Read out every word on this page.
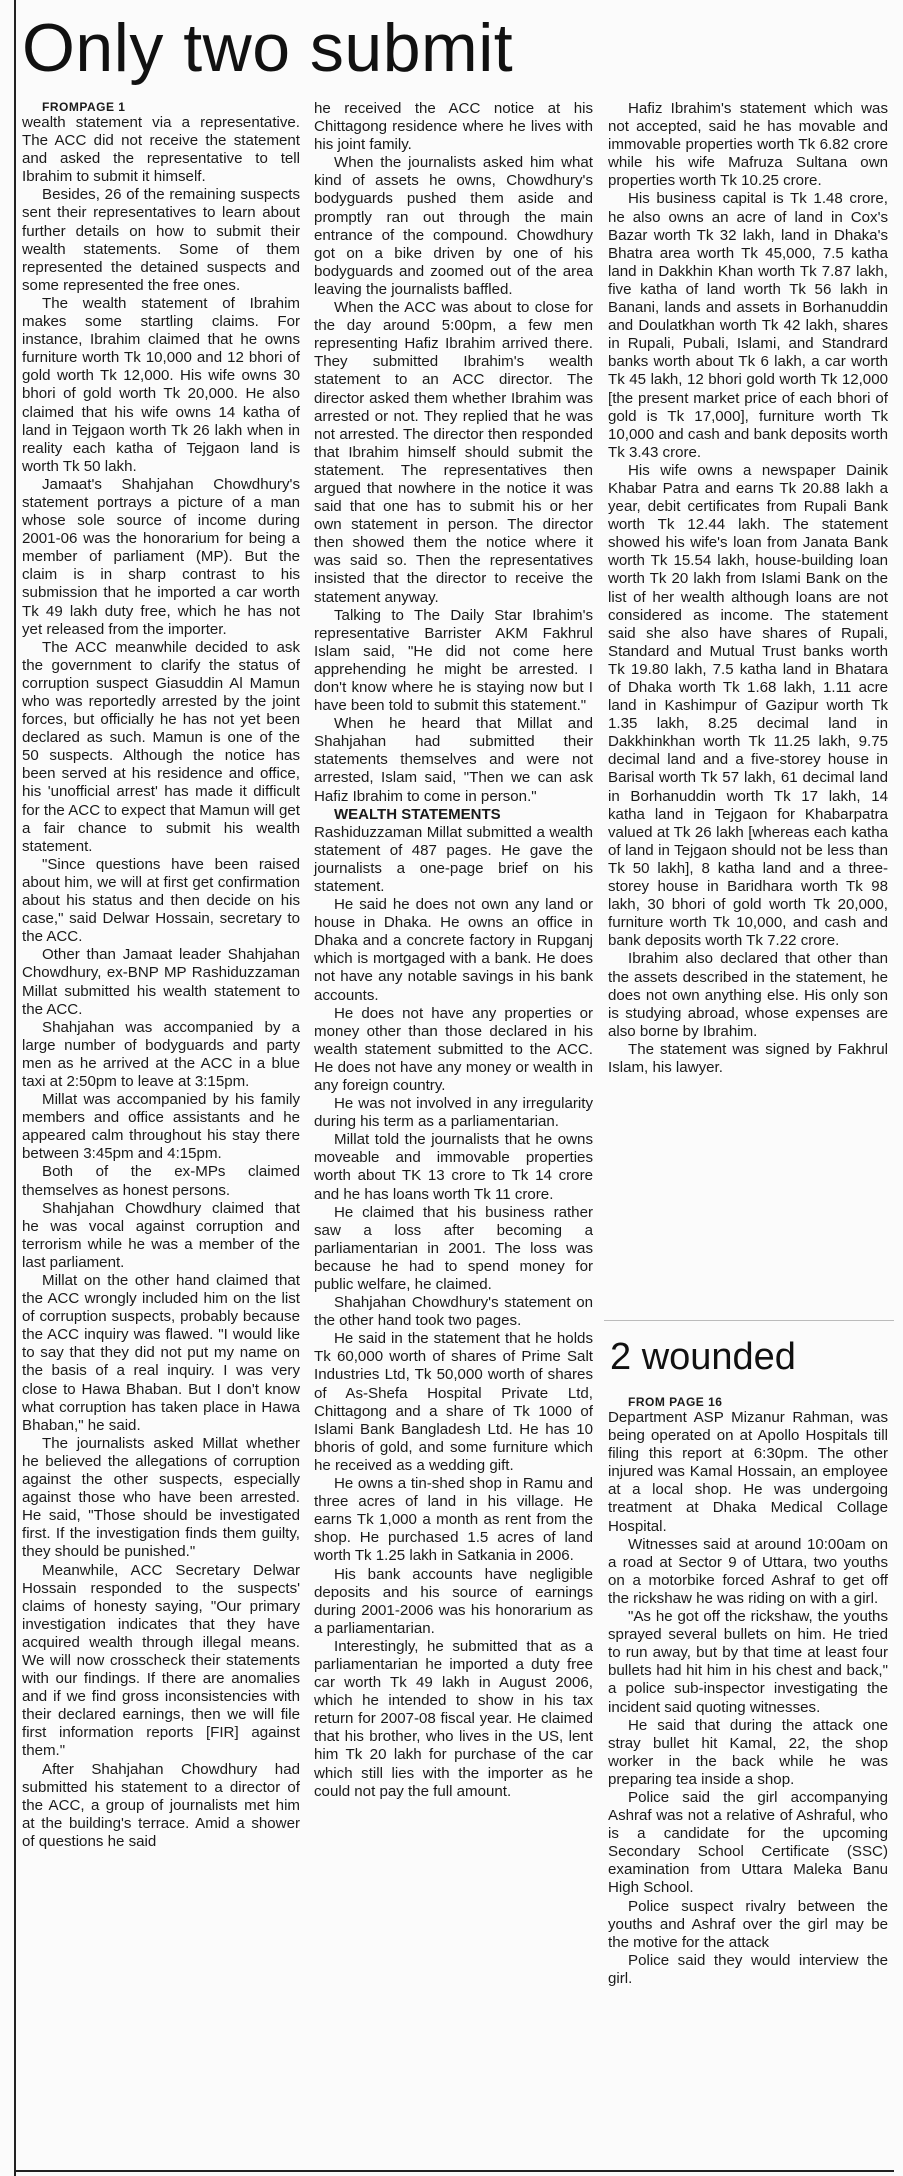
Only two submit

FROMPAGE 1

wealth statement via a representative. The ACC did not receive the statement and asked the representative to tell Ibrahim to submit it himself.

Besides, 26 of the remaining suspects sent their representatives to learn about further details on how to submit their wealth statements. Some of them represented the detained suspects and some represented the free ones.

The wealth statement of Ibrahim makes some startling claims. For instance, Ibrahim claimed that he owns furniture worth Tk 10,000 and 12 bhori of gold worth Tk 12,000. His wife owns 30 bhori of gold worth Tk 20,000. He also claimed that his wife owns 14 katha of land in Tejgaon worth Tk 26 lakh when in reality each katha of Tejgaon land is worth Tk 50 lakh.

Jamaat's Shahjahan Chowdhury's statement portrays a picture of a man whose sole source of income during 2001-06 was the honorarium for being a member of parliament (MP). But the claim is in sharp contrast to his submission that he imported a car worth Tk 49 lakh duty free, which he has not yet released from the importer.

The ACC meanwhile decided to ask the government to clarify the status of corruption suspect Giasuddin Al Mamun who was reportedly arrested by the joint forces, but officially he has not yet been declared as such. Mamun is one of the 50 suspects. Although the notice has been served at his residence and office, his 'unofficial arrest' has made it difficult for the ACC to expect that Mamun will get a fair chance to submit his wealth statement.

"Since questions have been raised about him, we will at first get confirmation about his status and then decide on his case," said Delwar Hossain, secretary to the ACC.

Other than Jamaat leader Shahjahan Chowdhury, ex-BNP MP Rashiduzzaman Millat submitted his wealth statement to the ACC.

Shahjahan was accompanied by a large number of bodyguards and party men as he arrived at the ACC in a blue taxi at 2:50pm to leave at 3:15pm.

Millat was accompanied by his family members and office assistants and he appeared calm throughout his stay there between 3:45pm and 4:15pm.

Both of the ex-MPs claimed themselves as honest persons.

Shahjahan Chowdhury claimed that he was vocal against corruption and terrorism while he was a member of the last parliament.

Millat on the other hand claimed that the ACC wrongly included him on the list of corruption suspects, probably because the ACC inquiry was flawed. "I would like to say that they did not put my name on the basis of a real inquiry. I was very close to Hawa Bhaban. But I don't know what corruption has taken place in Hawa Bhaban," he said.

The journalists asked Millat whether he believed the allegations of corruption against the other suspects, especially against those who have been arrested. He said, "Those should be investigated first. If the investigation finds them guilty, they should be punished."

Meanwhile, ACC Secretary Delwar Hossain responded to the suspects' claims of honesty saying, "Our primary investigation indicates that they have acquired wealth through illegal means. We will now crosscheck their statements with our findings. If there are anomalies and if we find gross inconsistencies with their declared earnings, then we will file first information reports [FIR] against them."

After Shahjahan Chowdhury had submitted his statement to a director of the ACC, a group of journalists met him at the building's terrace. Amid a shower of questions he said

he received the ACC notice at his Chittagong residence where he lives with his joint family.

When the journalists asked him what kind of assets he owns, Chowdhury's bodyguards pushed them aside and promptly ran out through the main entrance of the compound. Chowdhury got on a bike driven by one of his bodyguards and zoomed out of the area leaving the journalists baffled.

When the ACC was about to close for the day around 5:00pm, a few men representing Hafiz Ibrahim arrived there. They submitted Ibrahim's wealth statement to an ACC director. The director asked them whether Ibrahim was arrested or not. They replied that he was not arrested. The director then responded that Ibrahim himself should submit the statement. The representatives then argued that nowhere in the notice it was said that one has to submit his or her own statement in person. The director then showed them the notice where it was said so. Then the representatives insisted that the director to receive the statement anyway.

Talking to The Daily Star Ibrahim's representative Barrister AKM Fakhrul Islam said, "He did not come here apprehending he might be arrested. I don't know where he is staying now but I have been told to submit this statement."

When he heard that Millat and Shahjahan had submitted their statements themselves and were not arrested, Islam said, "Then we can ask Hafiz Ibrahim to come in person."

WEALTH STATEMENTS

Rashiduzzaman Millat submitted a wealth statement of 487 pages. He gave the journalists a one-page brief on his statement.

He said he does not own any land or house in Dhaka. He owns an office in Dhaka and a concrete factory in Rupganj which is mortgaged with a bank. He does not have any notable savings in his bank accounts.

He does not have any properties or money other than those declared in his wealth statement submitted to the ACC. He does not have any money or wealth in any foreign country.

He was not involved in any irregularity during his term as a parliamentarian.

Millat told the journalists that he owns moveable and immovable properties worth about TK 13 crore to Tk 14 crore and he has loans worth Tk 11 crore.

He claimed that his business rather saw a loss after becoming a parliamentarian in 2001. The loss was because he had to spend money for public welfare, he claimed.

Shahjahan Chowdhury's statement on the other hand took two pages.

He said in the statement that he holds Tk 60,000 worth of shares of Prime Salt Industries Ltd, Tk 50,000 worth of shares of As-Shefa Hospital Private Ltd, Chittagong and a share of Tk 1000 of Islami Bank Bangladesh Ltd. He has 10 bhoris of gold, and some furniture which he received as a wedding gift.

He owns a tin-shed shop in Ramu and three acres of land in his village. He earns Tk 1,000 a month as rent from the shop. He purchased 1.5 acres of land worth Tk 1.25 lakh in Satkania in 2006.

His bank accounts have negligible deposits and his source of earnings during 2001-2006 was his honorarium as a parliamentarian.

Interestingly, he submitted that as a parliamentarian he imported a duty free car worth Tk 49 lakh in August 2006, which he intended to show in his tax return for 2007-08 fiscal year. He claimed that his brother, who lives in the US, lent him Tk 20 lakh for purchase of the car which still lies with the importer as he could not pay the full amount.

Hafiz Ibrahim's statement which was not accepted, said he has movable and immovable properties worth Tk 6.82 crore while his wife Mafruza Sultana own properties worth Tk 10.25 crore.

His business capital is Tk 1.48 crore, he also owns an acre of land in Cox's Bazar worth Tk 32 lakh, land in Dhaka's Bhatra area worth Tk 45,000, 7.5 katha land in Dakkhin Khan worth Tk 7.87 lakh, five katha of land worth Tk 56 lakh in Banani, lands and assets in Borhanuddin and Doulatkhan worth Tk 42 lakh, shares in Rupali, Pubali, Islami, and Standrard banks worth about Tk 6 lakh, a car worth Tk 45 lakh, 12 bhori gold worth Tk 12,000 [the present market price of each bhori of gold is Tk 17,000], furniture worth Tk 10,000 and cash and bank deposits worth Tk 3.43 crore.

His wife owns a newspaper Dainik Khabar Patra and earns Tk 20.88 lakh a year, debit certificates from Rupali Bank worth Tk 12.44 lakh. The statement showed his wife's loan from Janata Bank worth Tk 15.54 lakh, house-building loan worth Tk 20 lakh from Islami Bank on the list of her wealth although loans are not considered as income. The statement said she also have shares of Rupali, Standard and Mutual Trust banks worth Tk 19.80 lakh, 7.5 katha land in Bhatara of Dhaka worth Tk 1.68 lakh, 1.11 acre land in Kashimpur of Gazipur worth Tk 1.35 lakh, 8.25 decimal land in Dakkhinkhan worth Tk 11.25 lakh, 9.75 decimal land and a five-storey house in Barisal worth Tk 57 lakh, 61 decimal land in Borhanuddin worth Tk 17 lakh, 14 katha land in Tejgaon for Khabarpatra valued at Tk 26 lakh [whereas each katha of land in Tejgaon should not be less than Tk 50 lakh], 8 katha land and a three-storey house in Baridhara worth Tk 98 lakh, 30 bhori of gold worth Tk 20,000, furniture worth Tk 10,000, and cash and bank deposits worth Tk 7.22 crore.

Ibrahim also declared that other than the assets described in the statement, he does not own anything else. His only son is studying abroad, whose expenses are also borne by Ibrahim.

The statement was signed by Fakhrul Islam, his lawyer.

2 wounded

FROM PAGE 16

Department ASP Mizanur Rahman, was being operated on at Apollo Hospitals till filing this report at 6:30pm. The other injured was Kamal Hossain, an employee at a local shop. He was undergoing treatment at Dhaka Medical Collage Hospital.

Witnesses said at around 10:00am on a road at Sector 9 of Uttara, two youths on a motorbike forced Ashraf to get off the rickshaw he was riding on with a girl.

"As he got off the rickshaw, the youths sprayed several bullets on him. He tried to run away, but by that time at least four bullets had hit him in his chest and back," a police sub-inspector investigating the incident said quoting witnesses.

He said that during the attack one stray bullet hit Kamal, 22, the shop worker in the back while he was preparing tea inside a shop.

Police said the girl accompanying Ashraf was not a relative of Ashraful, who is a candidate for the upcoming Secondary School Certificate (SSC) examination from Uttara Maleka Banu High School.

Police suspect rivalry between the youths and Ashraf over the girl may be the motive for the attack

Police said they would interview the girl.
